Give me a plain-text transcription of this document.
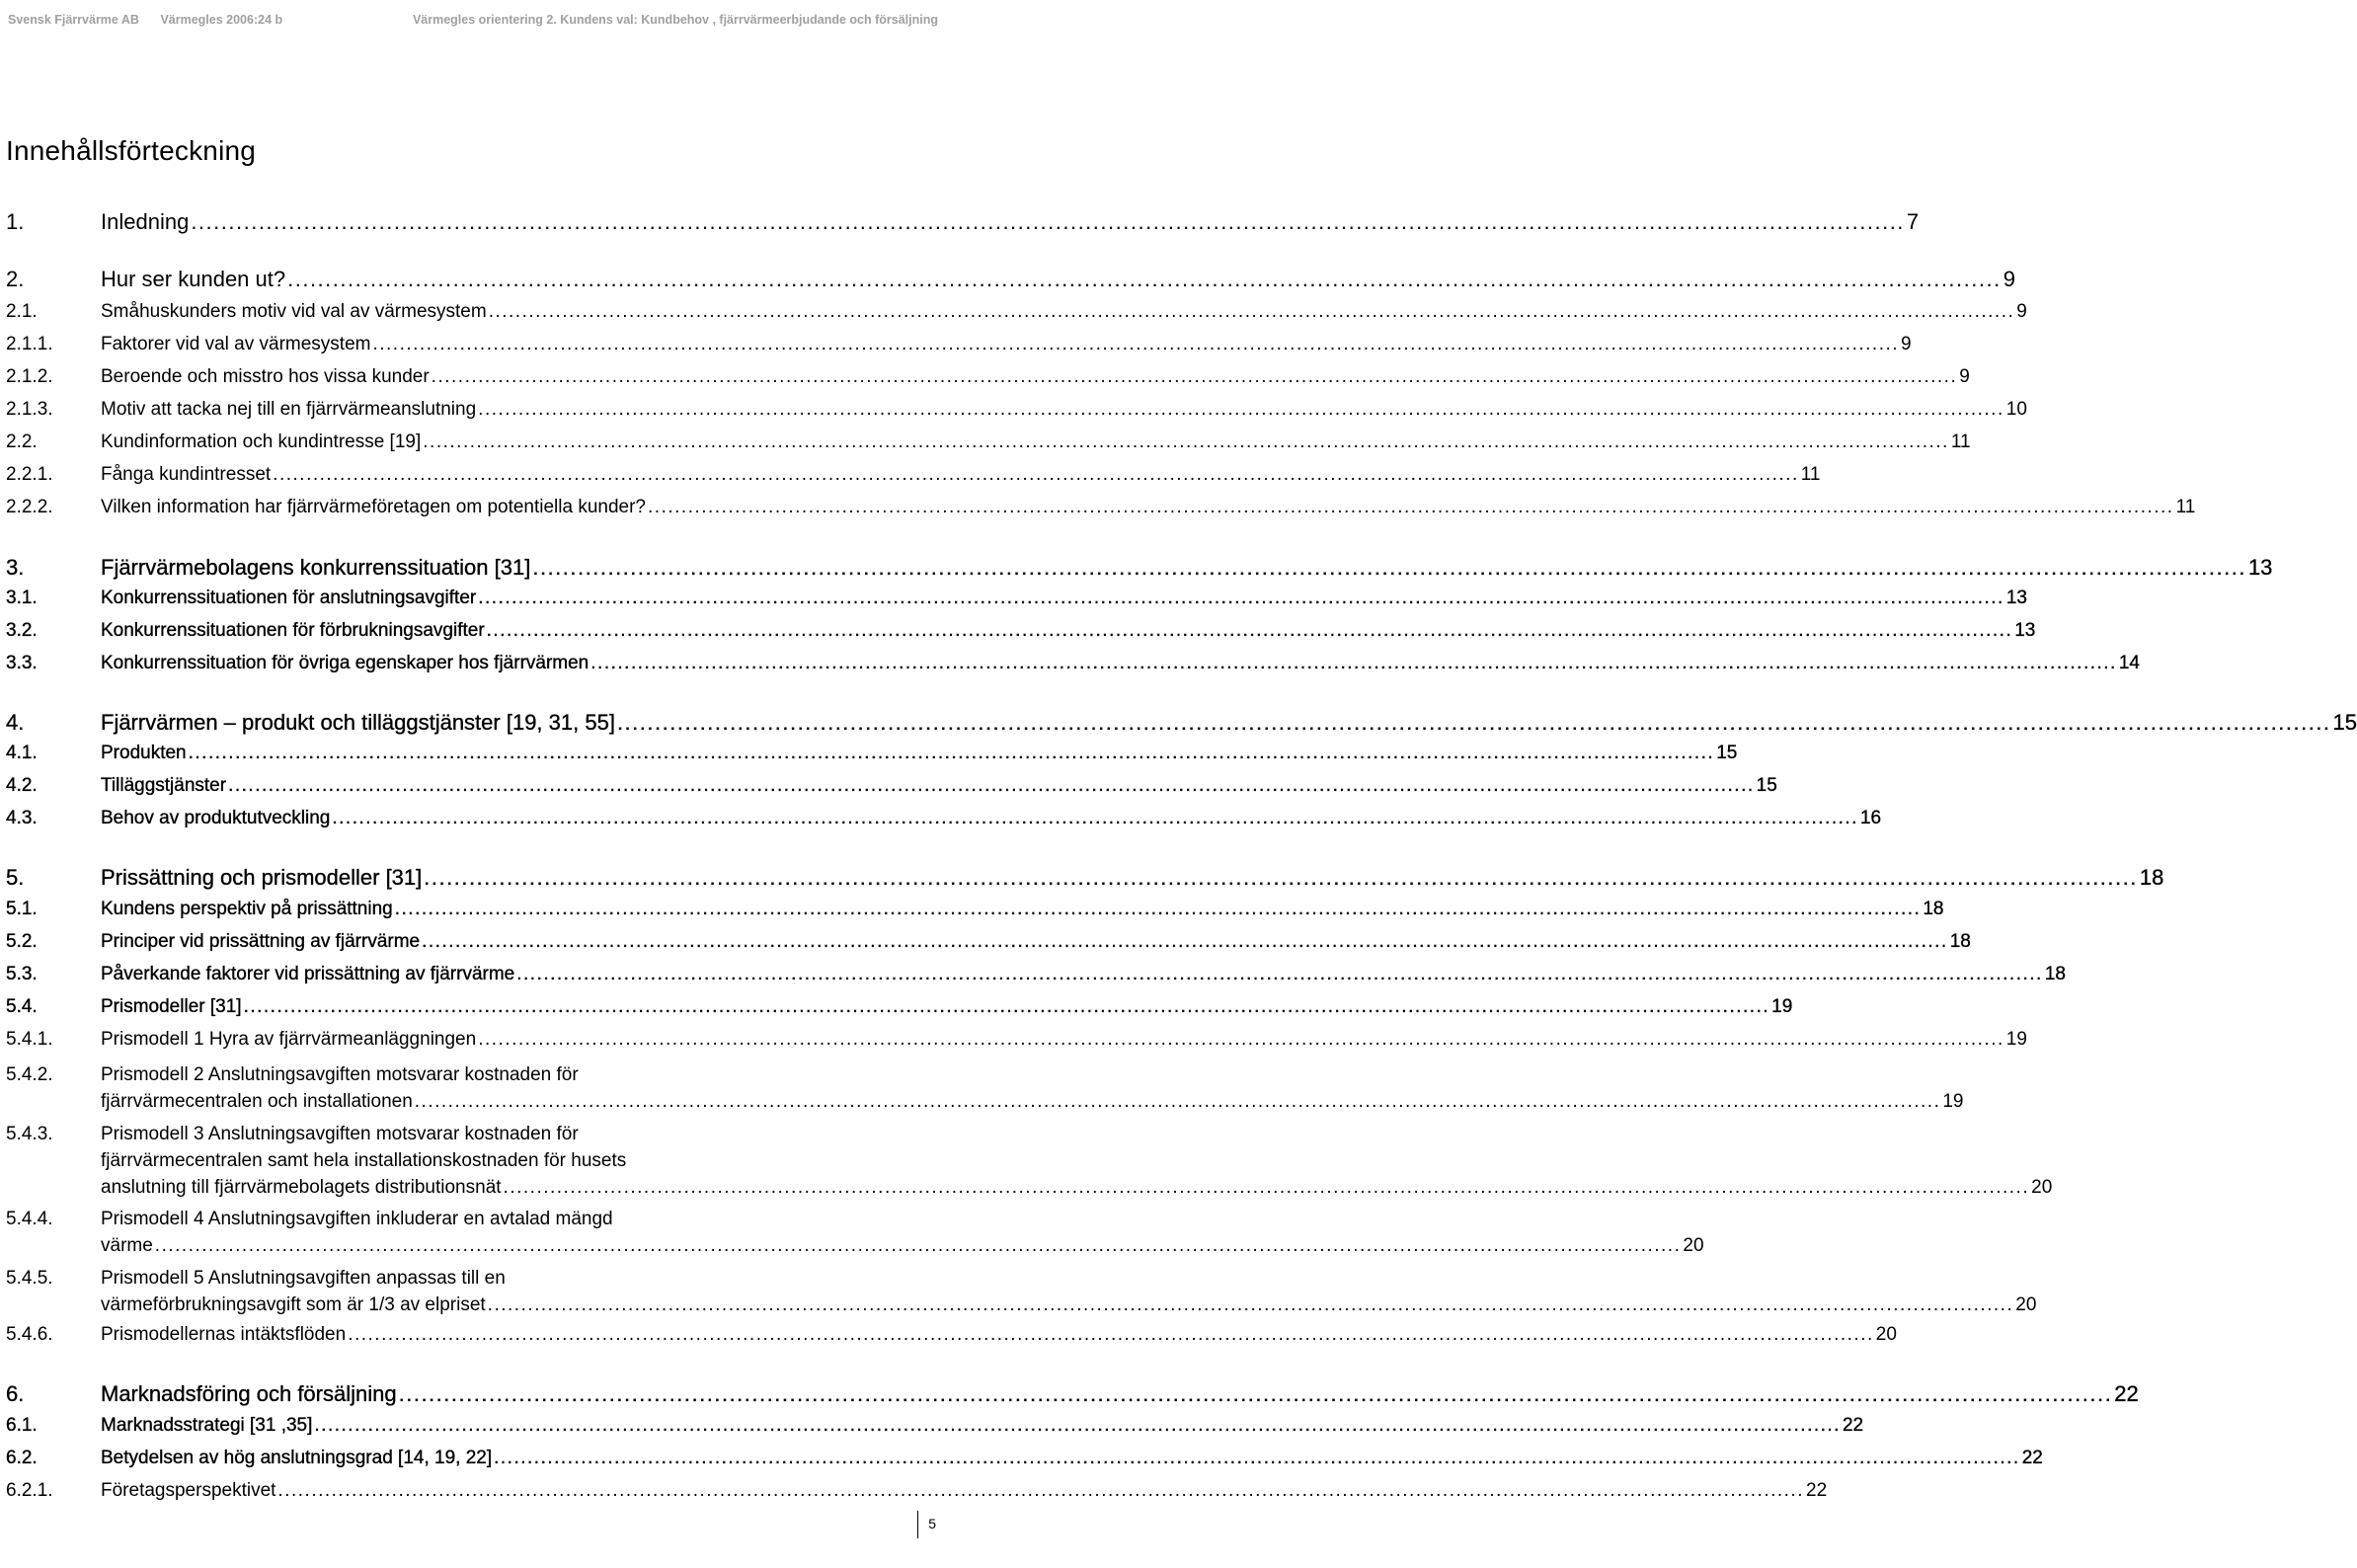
Svensk Fjärrvärme AB Värmegles 2006:24 b	Värmegles orientering 2. Kundens val: Kundbehov , fjärrvärmeerbjudande och försäljning
Innehållsförteckning
1.	Inledning .....	7
2.	Hur ser kunden ut? .....	9
2.1.	Småhuskunders motiv vid val av värmesystem .....	9
2.1.1.	Faktorer vid val av värmesystem .....	9
2.1.2.	Beroende och misstro hos vissa kunder .....	9
2.1.3.	Motiv att tacka nej till en fjärrvärmeanslutning .....	10
2.2.	Kundinformation och kundintresse [19] .....	11
2.2.1.	Fånga kundintresset .....	11
2.2.2.	Vilken information har fjärrvärmeföretagen om potentiella kunder? .....	11
3.	Fjärrvärmebolagens konkurrenssituation [31] .....	13
3.1.	Konkurrenssituationen för anslutningsavgifter .....	13
3.2.	Konkurrenssituationen för förbrukningsavgifter .....	13
3.3.	Konkurrenssituation för övriga egenskaper hos fjärrvärmen .....	14
4.	Fjärrvärmen – produkt och tilläggstjänster [19, 31, 55] .....	15
4.1.	Produkten .....	15
4.2.	Tilläggstjänster .....	15
4.3.	Behov av produktutveckling .....	16
5.	Prissättning och prismodeller [31] .....	18
5.1.	Kundens perspektiv på prissättning .....	18
5.2.	Principer vid prissättning av fjärrvärme .....	18
5.3.	Påverkande faktorer vid prissättning av fjärrvärme .....	18
5.4.	Prismodeller [31] .....	19
5.4.1.	Prismodell 1 Hyra av fjärrvärmeanläggningen .....	19
5.4.2.	Prismodell 2 Anslutningsavgiften motsvarar kostnaden för
fjärrvärmecentralen och installationen .....	19
5.4.3.	Prismodell 3 Anslutningsavgiften motsvarar kostnaden för
fjärrvärmecentralen samt hela installationskostnaden för husets
anslutning till fjärrvärmebolagets distributionsnät .....	20
5.4.4.	Prismodell 4 Anslutningsavgiften inkluderar en avtalad mängd
värme .....	20
5.4.5.	Prismodell 5 Anslutningsavgiften anpassas till en
värmeförbrukningsavgift som är 1/3 av elpriset .....	20
5.4.6.	Prismodellernas intäktsflöden .....	20
6.	Marknadsföring och försäljning .....	22
6.1.	Marknadsstrategi [31 ,35] .....	22
6.2.	Betydelsen av hög anslutningsgrad [14, 19, 22] .....	22
6.2.1.	Företagsperspektivet .....	22
5
